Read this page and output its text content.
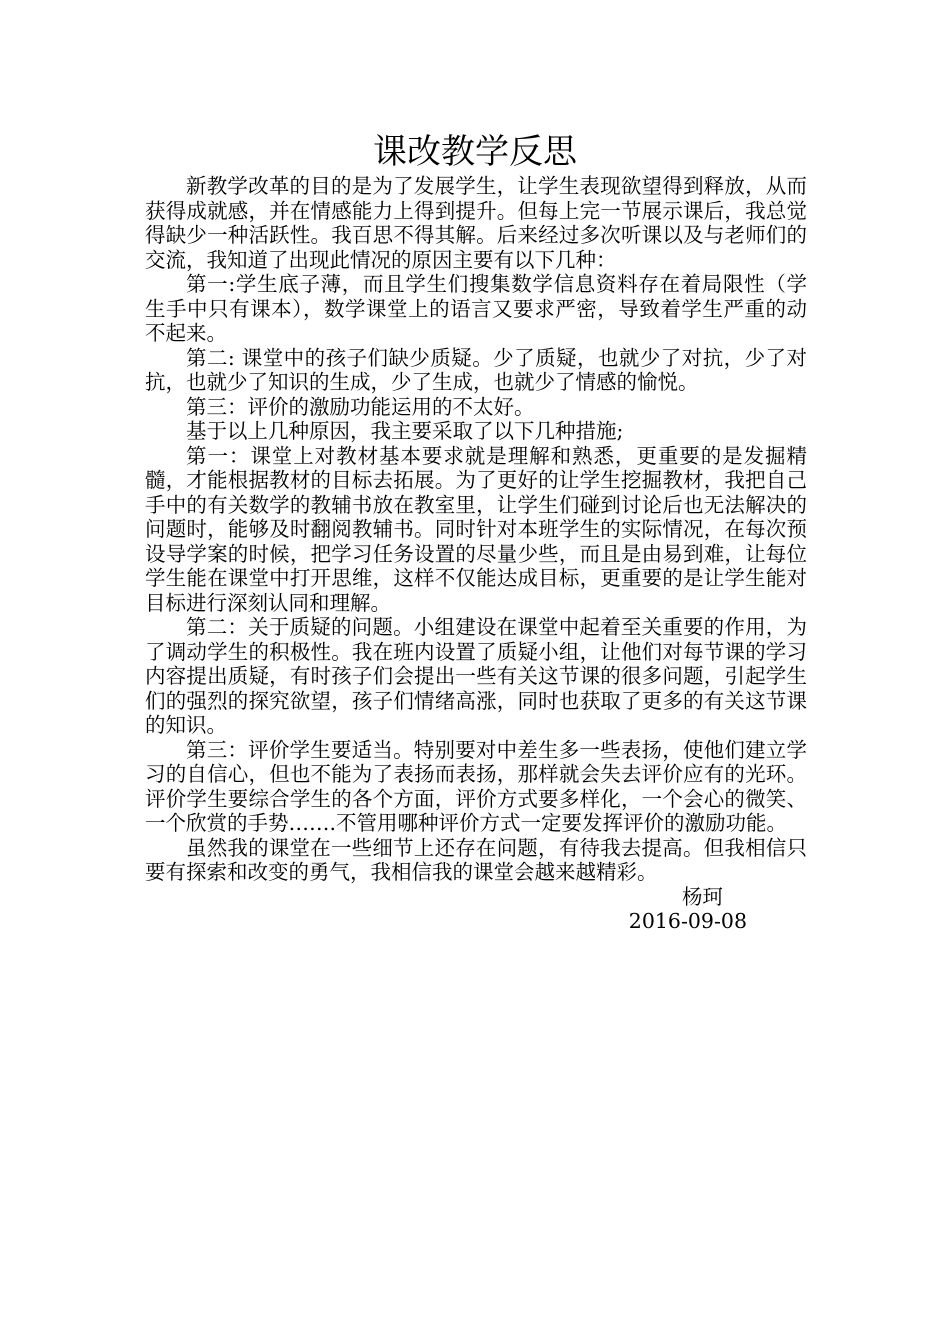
课改教学反思

新教学改革的目的是为了发展学生，让学生表现欲望得到释放，从而获得成就感，并在情感能力上得到提升。但每上完一节展示课后，我总觉得缺少一种活跃性。我百思不得其解。后来经过多次听课以及与老师们的交流，我知道了出现此情况的原因主要有以下几种：

第一:学生底子薄，而且学生们搜集数学信息资料存在着局限性（学生手中只有课本），数学课堂上的语言又要求严密，导致着学生严重的动不起来。

第二: 课堂中的孩子们缺少质疑。少了质疑，也就少了对抗，少了对抗，也就少了知识的生成，少了生成，也就少了情感的愉悦。

第三：评价的激励功能运用的不太好。

基于以上几种原因，我主要采取了以下几种措施;

第一：课堂上对教材基本要求就是理解和熟悉，更重要的是发掘精髓，才能根据教材的目标去拓展。为了更好的让学生挖掘教材，我把自己手中的有关数学的教辅书放在教室里，让学生们碰到讨论后也无法解决的问题时，能够及时翻阅教辅书。同时针对本班学生的实际情况，在每次预设导学案的时候，把学习任务设置的尽量少些，而且是由易到难，让每位学生能在课堂中打开思维，这样不仅能达成目标，更重要的是让学生能对目标进行深刻认同和理解。

第二：关于质疑的问题。小组建设在课堂中起着至关重要的作用，为了调动学生的积极性。我在班内设置了质疑小组，让他们对每节课的学习内容提出质疑，有时孩子们会提出一些有关这节课的很多问题，引起学生们的强烈的探究欲望，孩子们情绪高涨，同时也获取了更多的有关这节课的知识。

第三：评价学生要适当。特别要对中差生多一些表扬，使他们建立学习的自信心，但也不能为了表扬而表扬，那样就会失去评价应有的光环。评价学生要综合学生的各个方面，评价方式要多样化，一个会心的微笑、一个欣赏的手势…….不管用哪种评价方式一定要发挥评价的激励功能。

虽然我的课堂在一些细节上还存在问题，有待我去提高。但我相信只要有探索和改变的勇气，我相信我的课堂会越来越精彩。

杨珂
2016-09-08
